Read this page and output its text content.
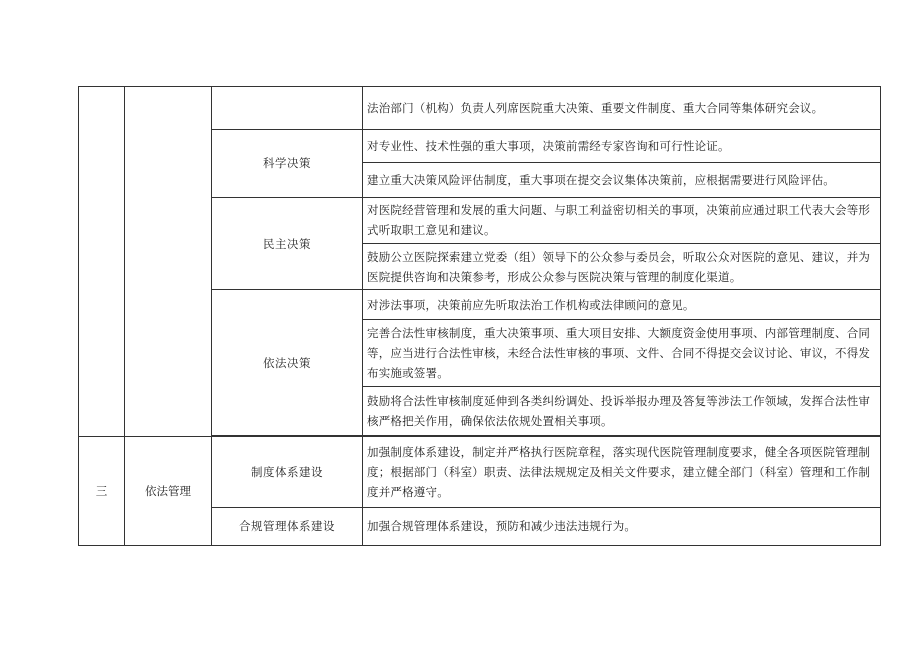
			法治部门（机构）负责人列席医院重大决策、重要文件制度、重大合同等集体研究会议。
		科学决策	对专业性、技术性强的重大事项，决策前需经专家咨询和可行性论证。
			建立重大决策风险评估制度，重大事项在提交会议集体决策前，应根据需要进行风险评估。
		民主决策	对医院经营管理和发展的重大问题、与职工利益密切相关的事项，决策前应通过职工代表大会等形式听取职工意见和建议。
			鼓励公立医院探索建立党委（组）领导下的公众参与委员会，听取公众对医院的意见、建议，并为医院提供咨询和决策参考，形成公众参与医院决策与管理的制度化渠道。
		依法决策	对涉法事项，决策前应先听取法治工作机构或法律顾问的意见。
			完善合法性审核制度，重大决策事项、重大项目安排、大额度资金使用事项、内部管理制度、合同等，应当进行合法性审核，未经合法性审核的事项、文件、合同不得提交会议讨论、审议，不得发布实施或签署。
			鼓励将合法性审核制度延伸到各类纠纷调处、投诉举报办理及答复等涉法工作领域，发挥合法性审核严格把关作用，确保依法依规处置相关事项。

三	依法管理	制度体系建设	加强制度体系建设，制定并严格执行医院章程，落实现代医院管理制度要求，健全各项医院管理制度；根据部门（科室）职责、法律法规规定及相关文件要求，建立健全部门（科室）管理和工作制度并严格遵守。
		合规管理体系建设	加强合规管理体系建设，预防和减少违法违规行为。
